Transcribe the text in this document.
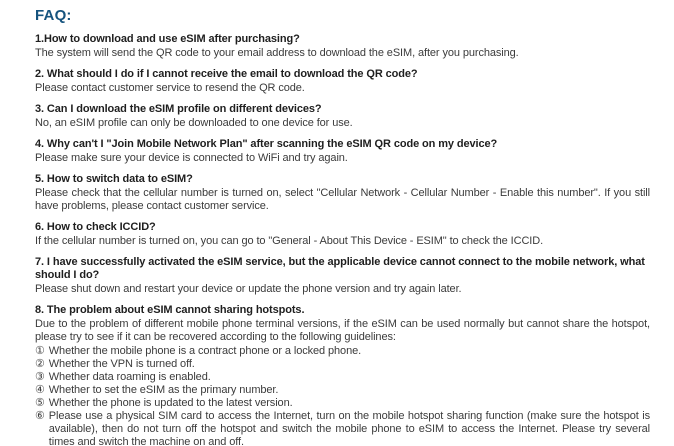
FAQ:
1.How to download and use eSIM after purchasing?

The system will send the QR code to your email address to download the eSIM, after you purchasing.

2. What should I do if I cannot receive the email to download the QR code?

Please contact customer service to resend the QR code.

3. Can I download the eSIM profile on different devices?

No, an eSIM profile can only be downloaded to one device for use.

4. Why can't I "Join Mobile Network Plan" after scanning the eSIM QR code on my device?

Please make sure your device is connected to WiFi and try again.

5. How to switch data to eSIM?

Please check that the cellular number is turned on, select "Cellular Network - Cellular Number - Enable this number". If you still have problems, please contact customer service.

6. How to check ICCID?

If the cellular number is turned on, you can go to "General - About This Device - ESIM" to check the ICCID.

7. I have successfully activated the eSIM service, but the applicable device cannot connect to the mobile network, what should I do?

Please shut down and restart your device or update the phone version and try again later.

8. The problem about eSIM cannot sharing hotspots.

Due to the problem of different mobile phone terminal versions, if the eSIM can be used normally but cannot share the hotspot, please try to see if it can be recovered according to the following guidelines:

① Whether the mobile phone is a contract phone or a locked phone.
② Whether the VPN is turned off.
③ Whether data roaming is enabled.
④ Whether to set the eSIM as the primary number.
⑤ Whether the phone is updated to the latest version.
⑥ Please use a physical SIM card to access the Internet, turn on the mobile hotspot sharing function (make sure the hotspot is available), then do not turn off the hotspot and switch the mobile phone to eSIM to access the Internet. Please try several times and switch the machine on and off.
